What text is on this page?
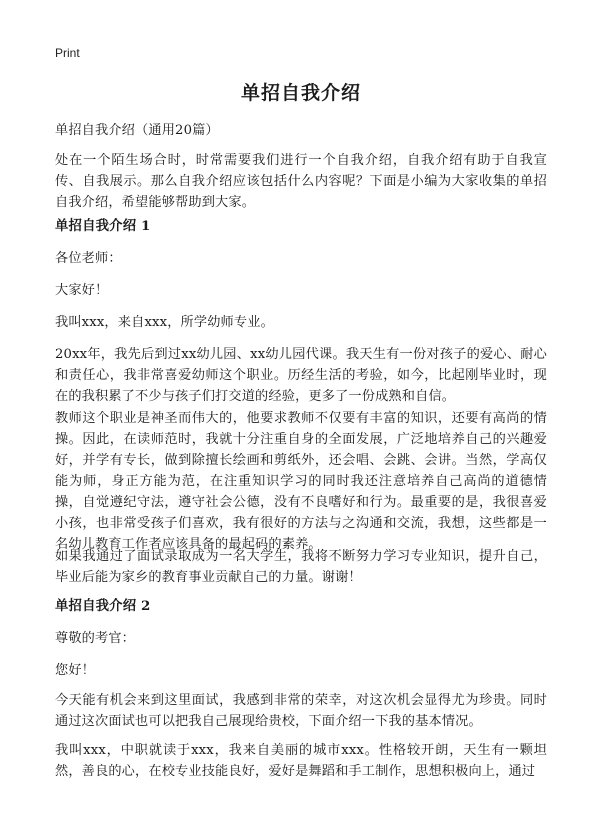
Print
单招自我介绍

单招自我介绍（通用20篇）

处在一个陌生场合时，时常需要我们进行一个自我介绍，自我介绍有助于自我宣传、自我展示。那么自我介绍应该包括什么内容呢？下面是小编为大家收集的单招自我介绍，希望能够帮助到大家。

单招自我介绍 1

各位老师：

大家好！

我叫xxx，来自xxx，所学幼师专业。

20xx年，我先后到过xx幼儿园、xx幼儿园代课。我天生有一份对孩子的爱心、耐心和责任心，我非常喜爱幼师这个职业。历经生活的考验，如今，比起刚毕业时，现在的我积累了不少与孩子们打交道的经验，更多了一份成熟和自信。

教师这个职业是神圣而伟大的，他要求教师不仅要有丰富的知识，还要有高尚的情操。因此，在读师范时，我就十分注重自身的全面发展，广泛地培养自己的兴趣爱好，并学有专长，做到除擅长绘画和剪纸外，还会唱、会跳、会讲。当然，学高仅能为师，身正方能为范，在注重知识学习的同时我还注意培养自己高尚的道德情操，自觉遵纪守法，遵守社会公德，没有不良嗜好和行为。最重要的是，我很喜爱小孩，也非常受孩子们喜欢，我有很好的方法与之沟通和交流，我想，这些都是一名幼儿教育工作者应该具备的最起码的素养。

如果我通过了面试录取成为一名大学生，我将不断努力学习专业知识，提升自己，毕业后能为家乡的教育事业贡献自己的力量。谢谢！

单招自我介绍 2

尊敬的考官：

您好！

今天能有机会来到这里面试，我感到非常的荣幸，对这次机会显得尤为珍贵。同时通过这次面试也可以把我自己展现给贵校，下面介绍一下我的基本情况。

我叫xxx，中职就读于xxx，我来自美丽的城市xxx。性格较开朗，天生有一颗坦然，善良的心，在校专业技能良好，爱好是舞蹈和手工制作，思想积极向上，通过
